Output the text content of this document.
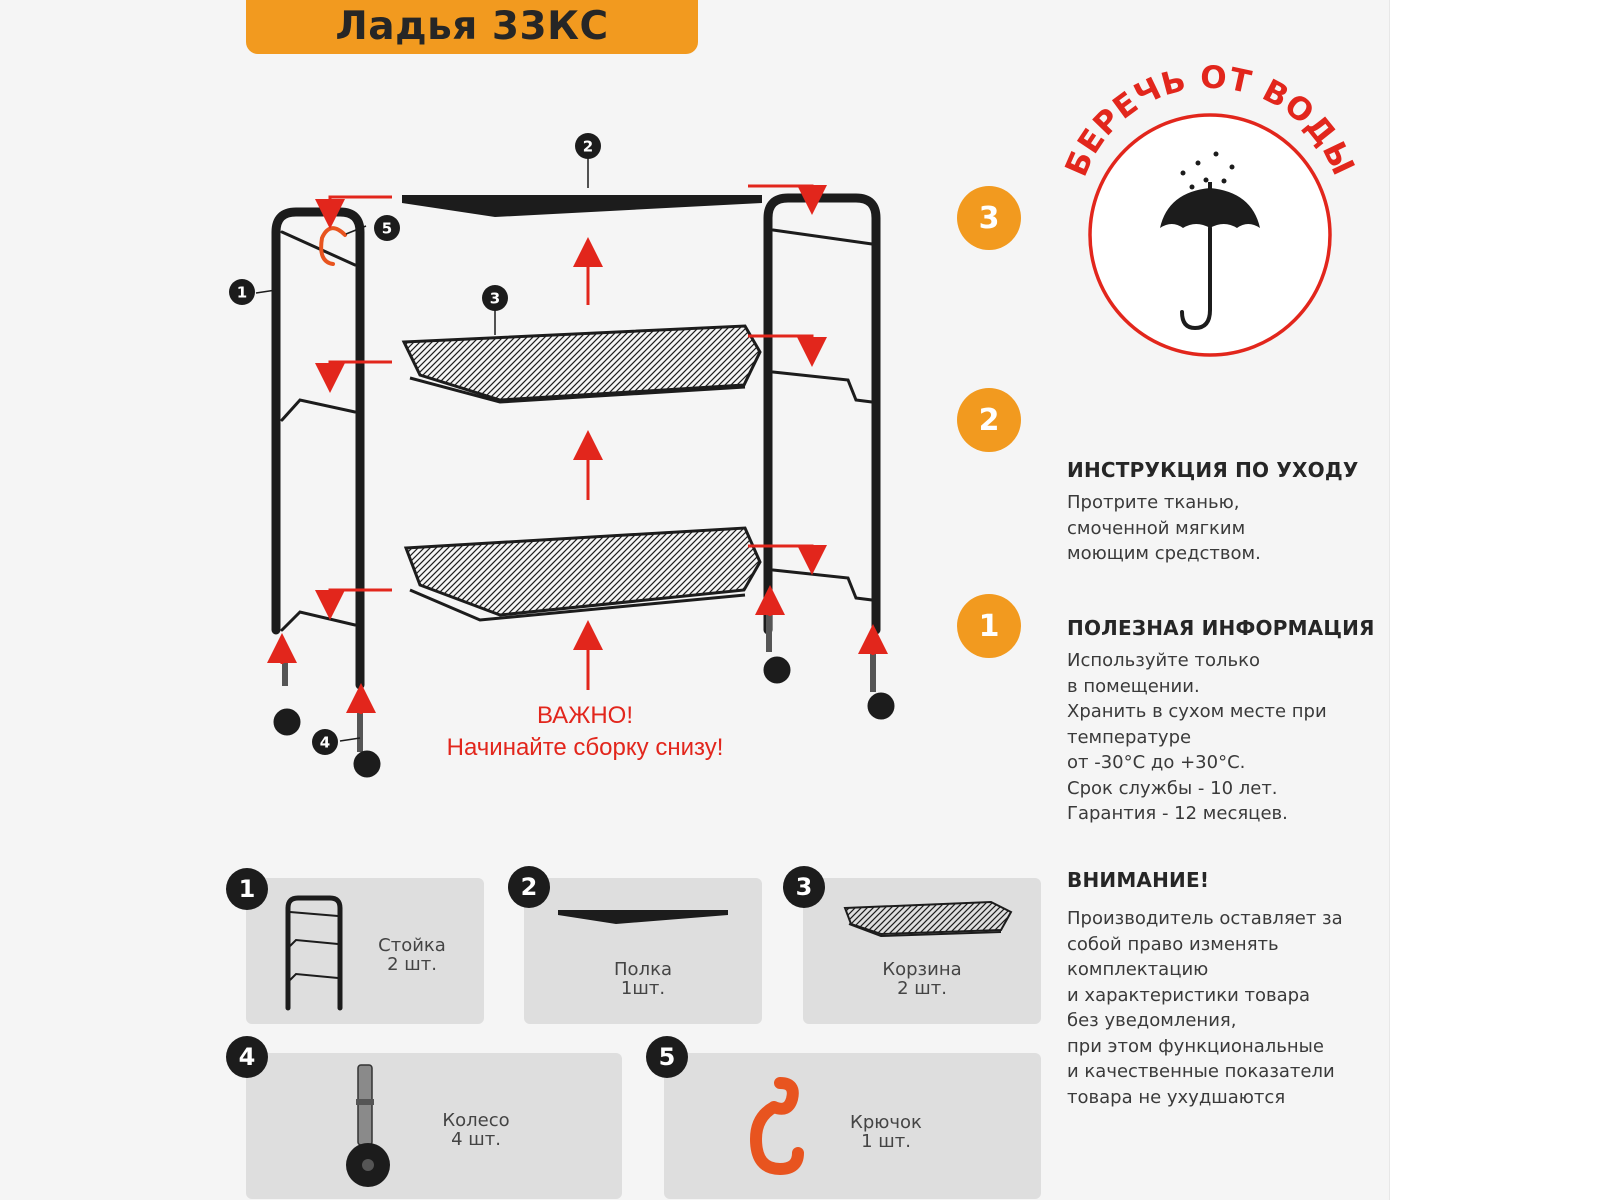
Ладья 33КС
2
5
1	3
4
ВАЖНО!
Начинайте сборку снизу!
БЕРЕЧЬ ОТ ВОДЫ
3
2
1
ИНСТРУКЦИЯ ПО УХОДУ
Протрите тканью,
смоченной мягким
моющим средством.
ПОЛЕЗНАЯ ИНФОРМАЦИЯ
Используйте только
в помещении.
Хранить в сухом месте при
температуре
от -30°C до +30°C.
Срок службы - 10 лет.
Гарантия - 12 месяцев.
ВНИМАНИЕ!
Производитель оставляет за
собой право изменять
комплектацию
и характеристики товара
без уведомления,
при этом функциональные
и качественные показатели
товара не ухудшаются
Стойка
2 шт.
1
Полка
1шт.
2
Корзина
2 шт.
3
Колесо
4 шт.
4
Крючок
1 шт.
5
